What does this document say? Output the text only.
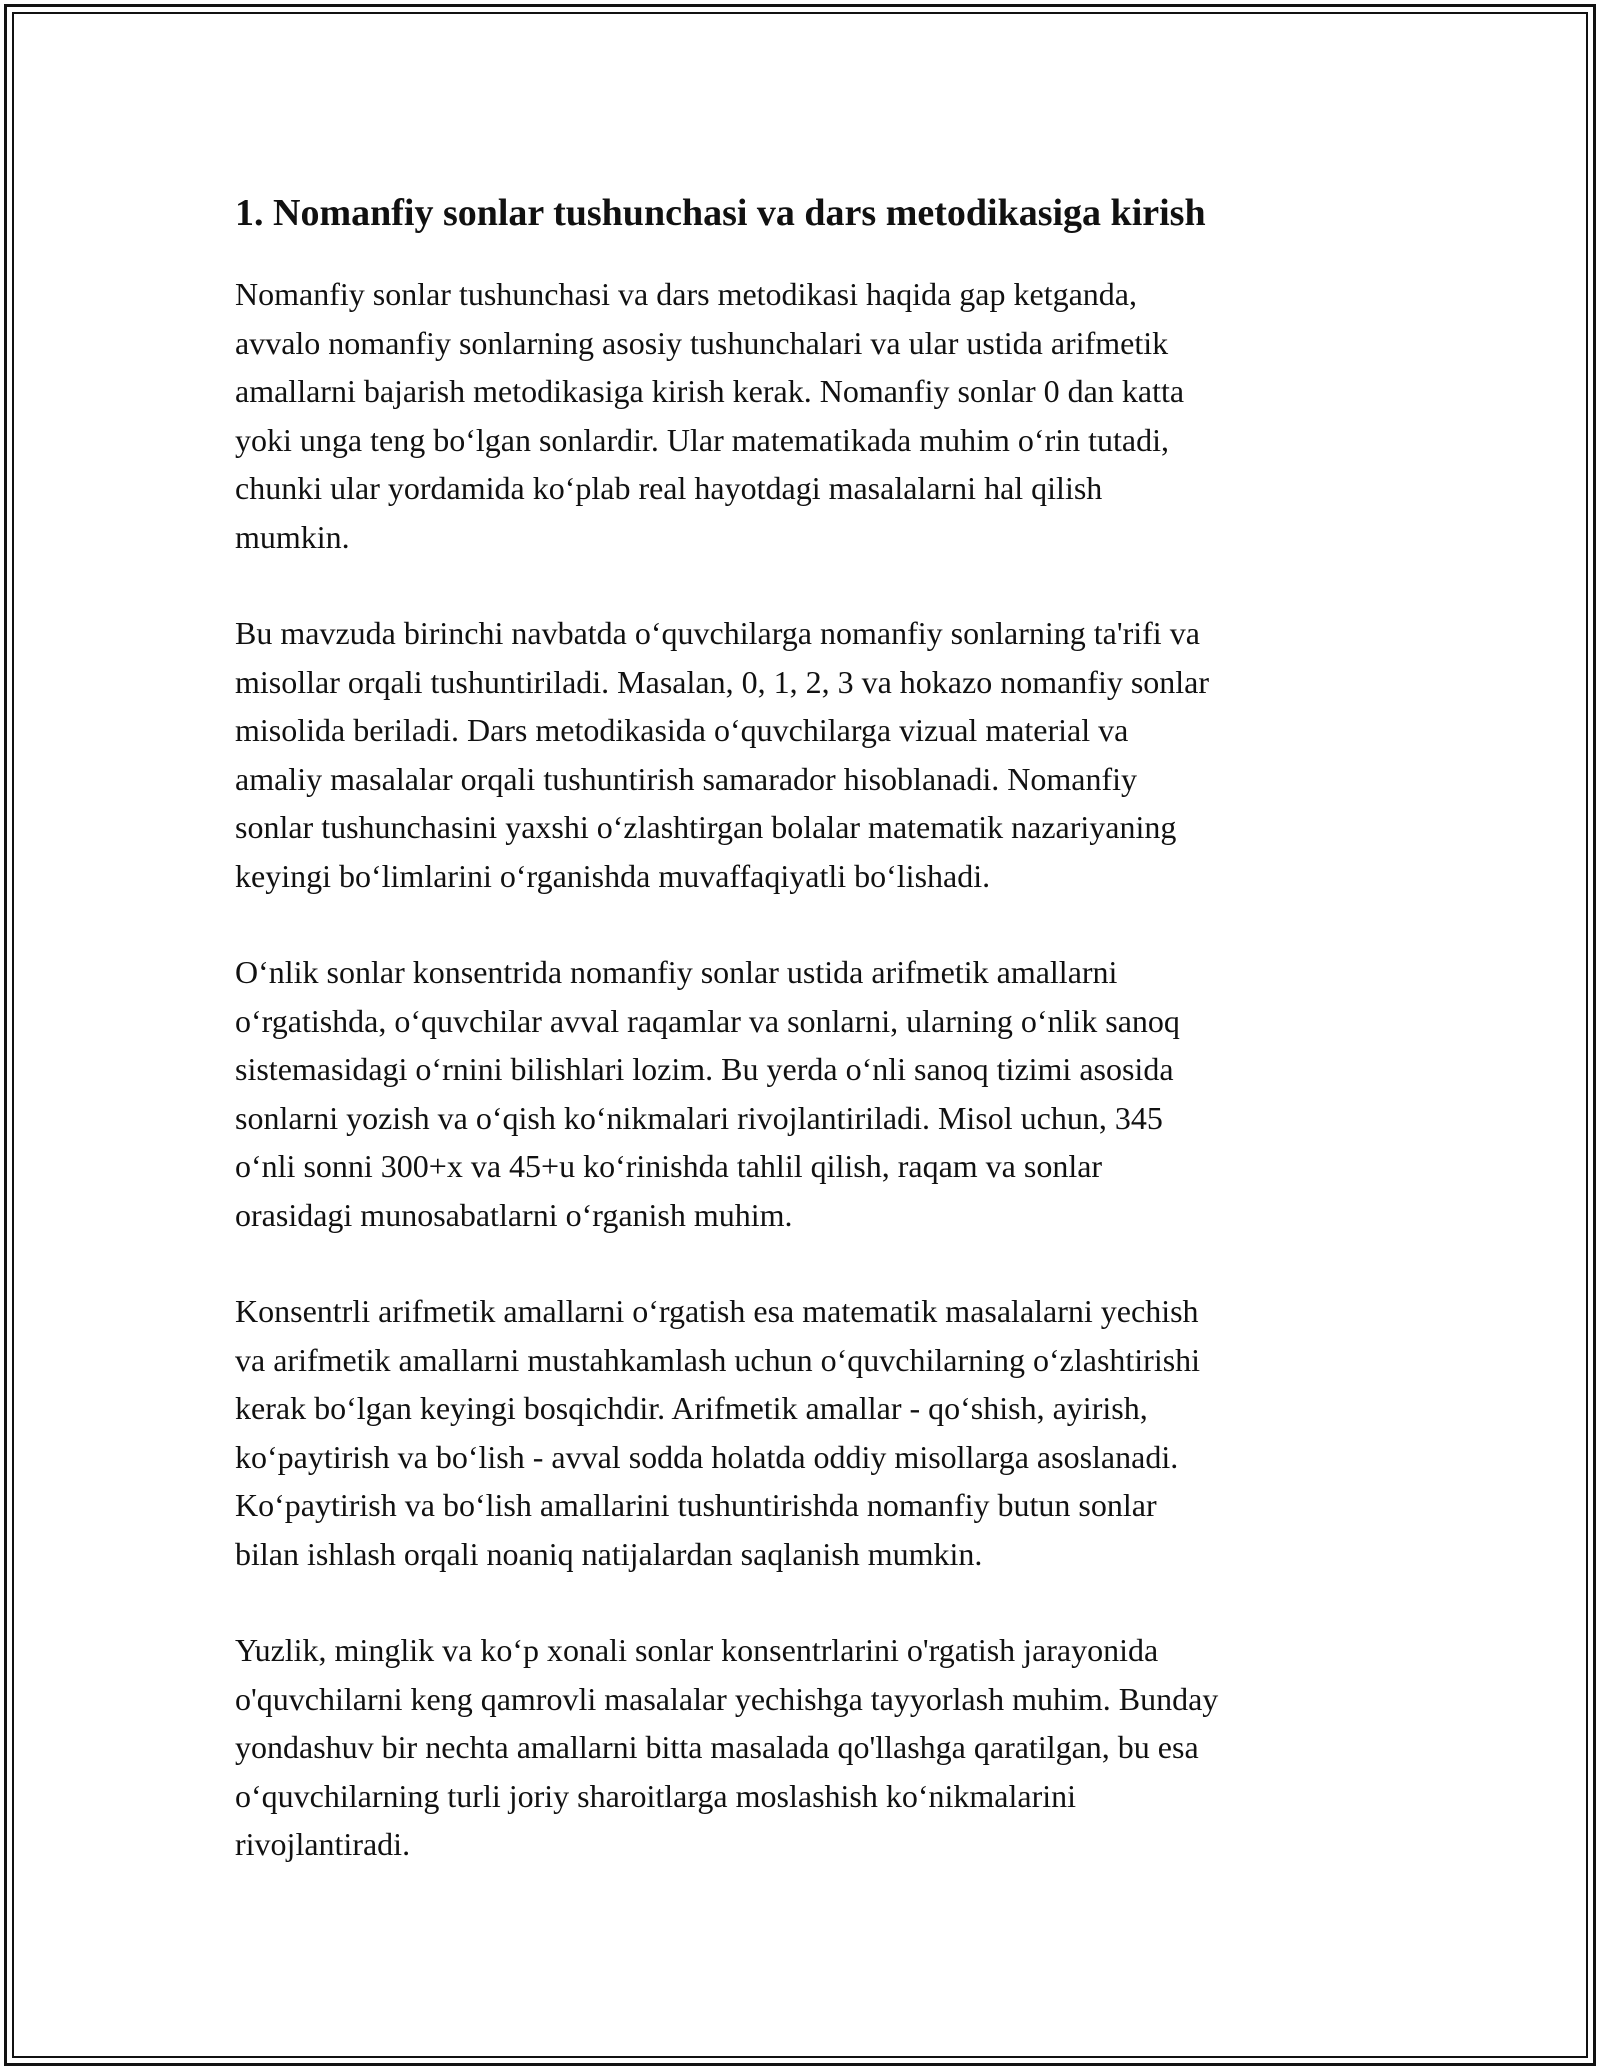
1. Nomanfiy sonlar tushunchasi va dars metodikasiga kirish

Nomanfiy sonlar tushunchasi va dars metodikasi haqida gap ketganda,
avvalo nomanfiy sonlarning asosiy tushunchalari va ular ustida arifmetik
amallarni bajarish metodikasiga kirish kerak. Nomanfiy sonlar 0 dan katta
yoki unga teng boʻlgan sonlardir. Ular matematikada muhim oʻrin tutadi,
chunki ular yordamida koʻplab real hayotdagi masalalarni hal qilish
mumkin.

Bu mavzuda birinchi navbatda oʻquvchilarga nomanfiy sonlarning ta'rifi va
misollar orqali tushuntiriladi. Masalan, 0, 1, 2, 3 va hokazo nomanfiy sonlar
misolida beriladi. Dars metodikasida oʻquvchilarga vizual material va
amaliy masalalar orqali tushuntirish samarador hisoblanadi. Nomanfiy
sonlar tushunchasini yaxshi oʻzlashtirgan bolalar matematik nazariyaning
keyingi boʻlimlarini oʻrganishda muvaffaqiyatli boʻlishadi.

Oʻnlik sonlar konsentrida nomanfiy sonlar ustida arifmetik amallarni
oʻrgatishda, oʻquvchilar avval raqamlar va sonlarni, ularning oʻnlik sanoq
sistemasidagi oʻrnini bilishlari lozim. Bu yerda oʻnli sanoq tizimi asosida
sonlarni yozish va oʻqish koʻnikmalari rivojlantiriladi. Misol uchun, 345
oʻnli sonni 300+x va 45+u koʻrinishda tahlil qilish, raqam va sonlar
orasidagi munosabatlarni oʻrganish muhim.

Konsentrli arifmetik amallarni oʻrgatish esa matematik masalalarni yechish
va arifmetik amallarni mustahkamlash uchun oʻquvchilarning oʻzlashtirishi
kerak boʻlgan keyingi bosqichdir. Arifmetik amallar - qoʻshish, ayirish,
koʻpaytirish va boʻlish - avval sodda holatda oddiy misollarga asoslanadi.
Koʻpaytirish va boʻlish amallarini tushuntirishda nomanfiy butun sonlar
bilan ishlash orqali noaniq natijalardan saqlanish mumkin.

Yuzlik, minglik va koʻp xonali sonlar konsentrlarini o'rgatish jarayonida
o'quvchilarni keng qamrovli masalalar yechishga tayyorlash muhim. Bunday
yondashuv bir nechta amallarni bitta masalada qo'llashga qaratilgan, bu esa
oʻquvchilarning turli joriy sharoitlarga moslashish koʻnikmalarini
rivojlantiradi.
